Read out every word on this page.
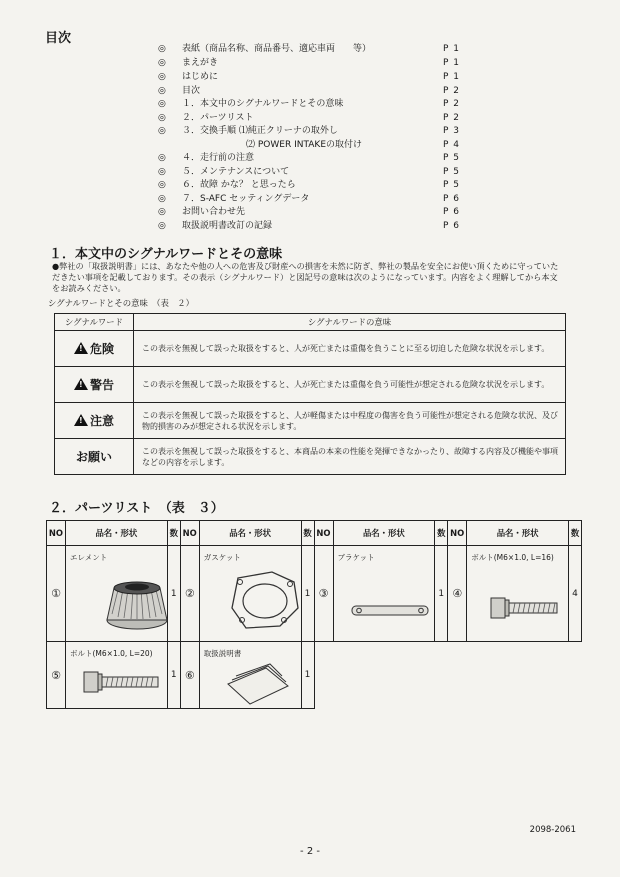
目次
◎ 表紙（商品名称、商品番号、適応車両　　等）	P 1
◎ まえがき	P 1
◎ はじめに	P 1
◎ 目次	P 2
◎ １．本文中のシグナルワードとその意味	P 2
◎ ２．パーツリスト	P 2
◎ ３．交換手順 ⑴純正クリーナの取外し	P 3
⑵ POWER INTAKEの取付け	P 4
◎ ４．走行前の注意	P 5
◎ ５．メンテナンスについて	P 5
◎ ６．故障 かな？ と思ったら	P 5
◎ ７．S-AFC セッティングデータ	P 6
◎ お問い合わせ先	P 6
◎ 取扱説明書改訂の記録	P 6
１．本文中のシグナルワードとその意味
●弊社の「取扱説明書」には、あなたや他の人への危害及び財産への損害を未然に防ぎ、弊社の製品を安全にお使い頂くために守っていただきたい事項を記載しております。その表示（シグナルワード）と図記号の意味は次のようになっています。内容をよく理解してから本文をお読みください。
シグナルワードとその意味　（表　２）
シグナルワード	シグナルワードの意味
!危険	この表示を無視して誤った取扱をすると、人が死亡または重傷を負うことに至る切迫した危険な状況を示します。
!警告	この表示を無視して誤った取扱をすると、人が死亡または重傷を負う可能性が想定される危険な状況を示します。
!注意	この表示を無視して誤った取扱をすると、人が軽傷または中程度の傷害を負う可能性が想定される危険な状況、及び物的損害のみが想定される状況を示します。
お願い	この表示を無視して誤った取扱をすると、本商品の本来の性能を発揮できなかったり、故障する内容及び機能や事項などの内容を示します。
２．パーツリスト　（表　３）
NO	品名・形状	数	NO	品名・形状	数	NO	品名・形状	数	NO	品名・形状	数
①	エレメント	1	②	ガスケット	1	③	ブラケット	1	④	ボルト(M6×1.0, L=16)	4
⑤	ボルト(M6×1.0, L=20)	1	⑥	取扱説明書	1						
2098-2061
- 2 -
